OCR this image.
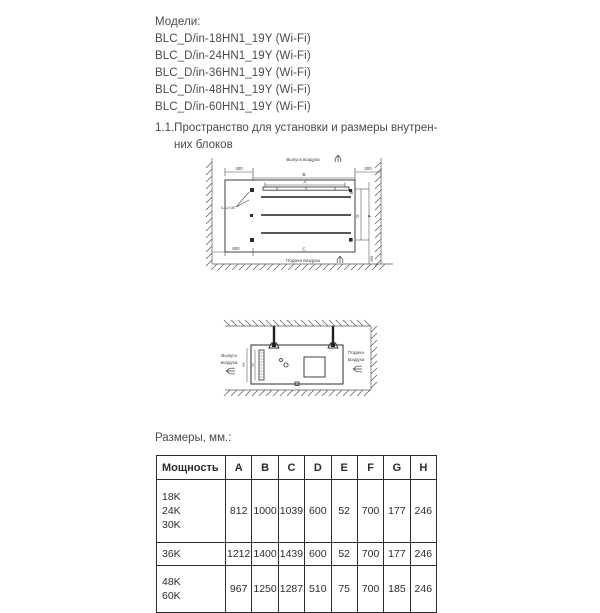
Модели:
BLC_D/in-18HN1_19Y (Wi-Fi)
BLC_D/in-24HN1_19Y (Wi-Fi)
BLC_D/in-36HN1_19Y (Wi-Fi)
BLC_D/in-48HN1_19Y (Wi-Fi)
BLC_D/in-60HN1_19Y (Wi-Fi)
1.1.Пространство для установки и размеры внутрен-
них блоков
Выпуск воздуха
400	200
B
A
4-12×30
D F
E
600	C
200
Подача воздуха
H G
Выпуск
воздуха
Подача
воздуха
Размеры, мм.:
Мощность	A	B	C	D	E	F	G	H

18K
24K
30K	812	1000	1039	600	52	700	177	246

36K	1212	1400	1439	600	52	700	177	246

48K
60K	967	1250	1287	510	75	700	185	246
